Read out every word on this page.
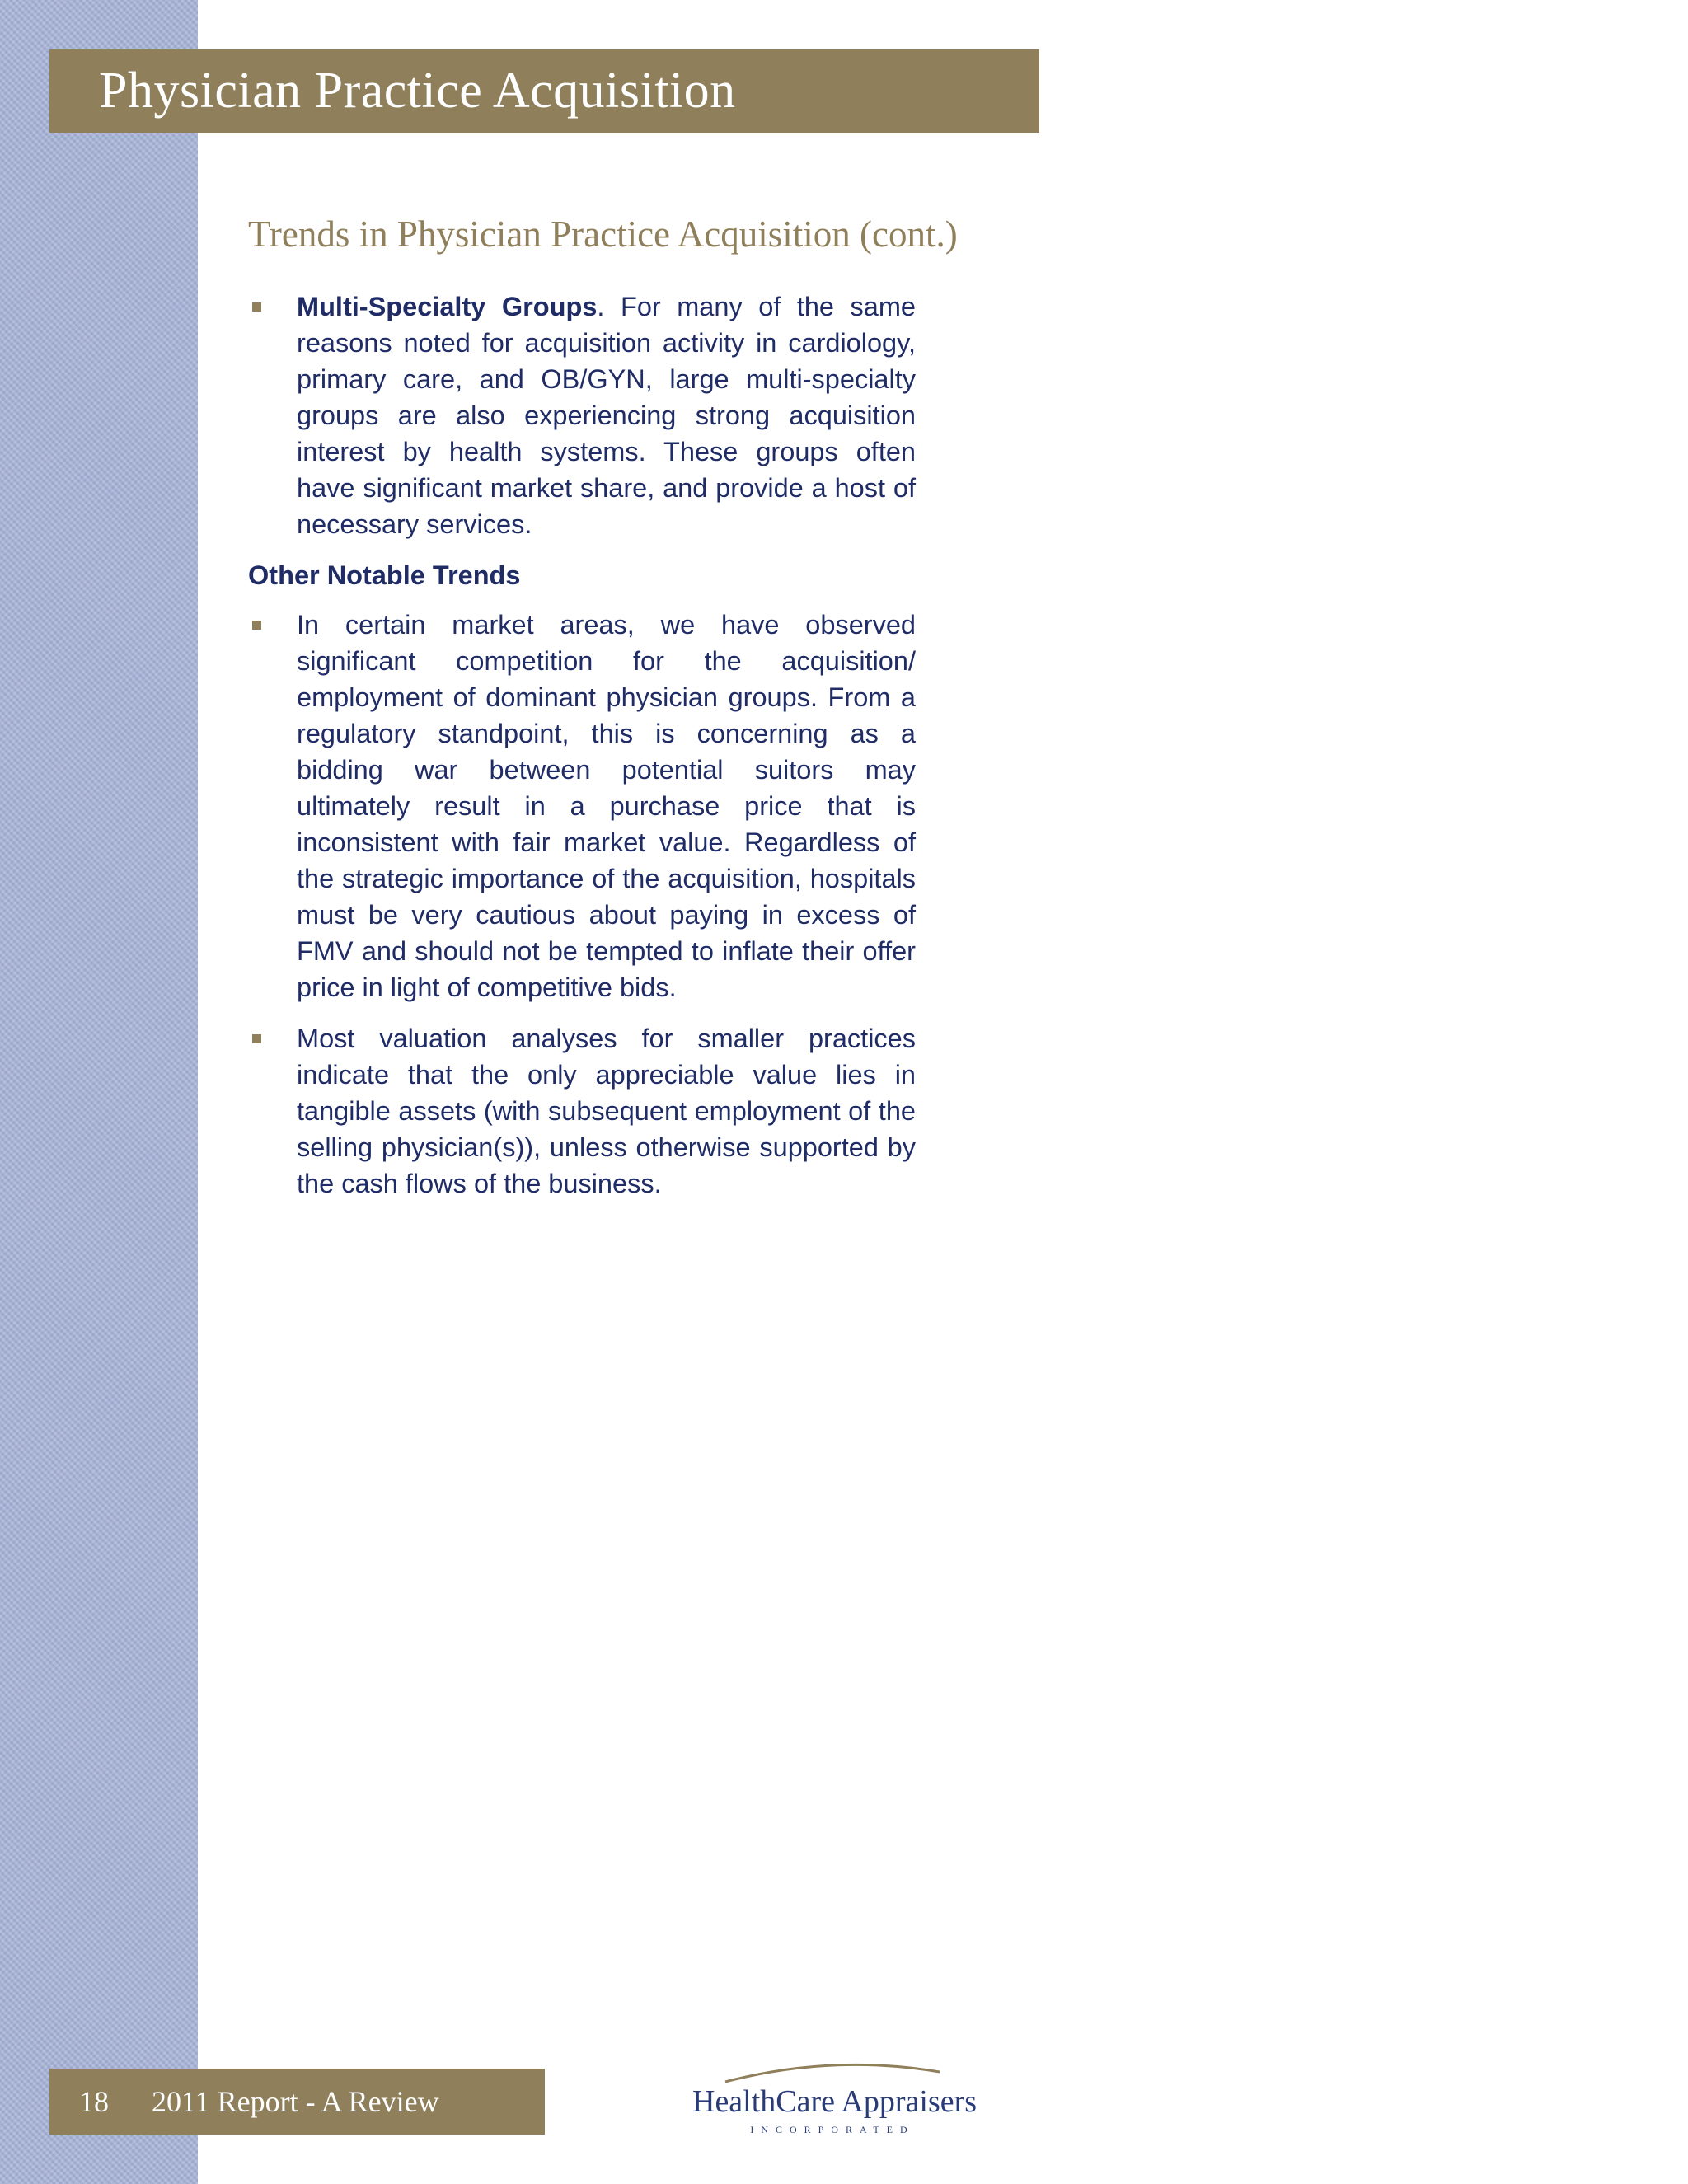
Physician Practice Acquisition
Trends in Physician Practice Acquisition (cont.)
Multi-Specialty Groups. For many of the same reasons noted for acquisition activity in cardiology, primary care, and OB/GYN, large multi-specialty groups are also experiencing strong acquisition interest by health systems. These groups often have significant market share, and provide a host of necessary services.
Other Notable Trends
In certain market areas, we have observed significant competition for the acquisition/ employment of dominant physician groups. From a regulatory standpoint, this is concerning as a bidding war between potential suitors may ultimately result in a purchase price that is inconsistent with fair market value. Regardless of the strategic importance of the acquisition, hospitals must be very cautious about paying in excess of FMV and should not be tempted to inflate their offer price in light of competitive bids.
Most valuation analyses for smaller practices indicate that the only appreciable value lies in tangible assets (with subsequent employment of the selling physician(s)), unless otherwise supported by the cash flows of the business.
18 2011 Report - A Review	HealthCare Appraisers
INCORPORATED
